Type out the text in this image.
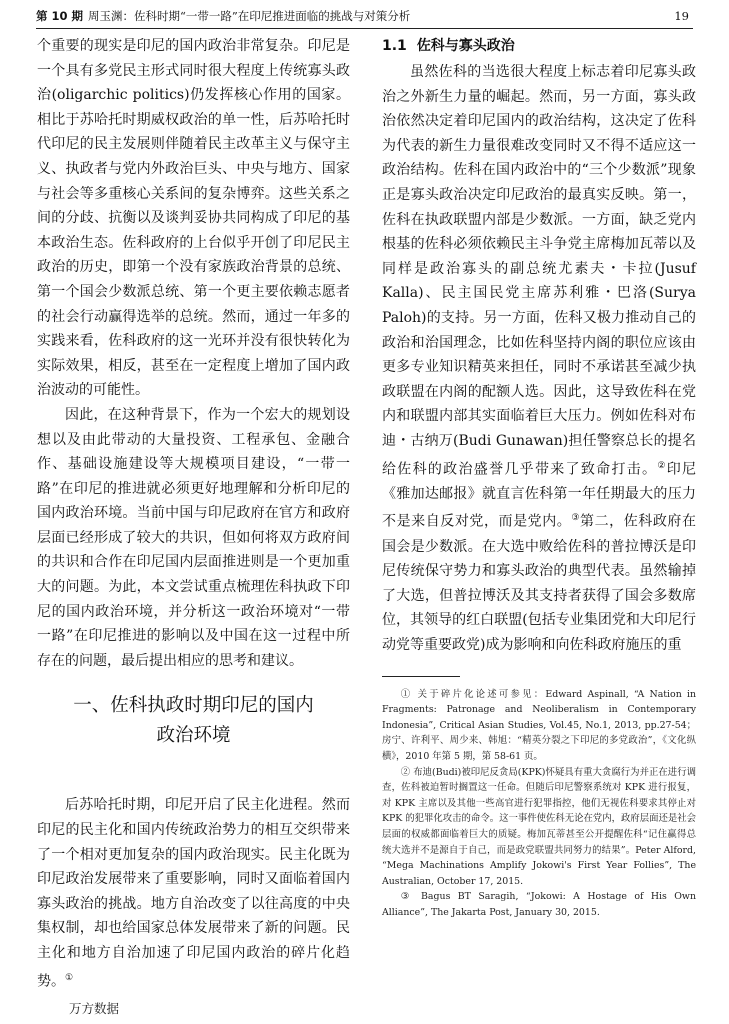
第 10 期 周玉渊：佐科时期“一带一路”在印尼推进面临的挑战与对策分析	19

个重要的现实是印尼的国内政治非常复杂。印尼是一个具有多党民主形式同时很大程度上传统寡头政治(oligarchic politics)仍发挥核心作用的国家。相比于苏哈托时期威权政治的单一性，后苏哈托时代印尼的民主发展则伴随着民主改革主义与保守主义、执政者与党内外政治巨头、中央与地方、国家与社会等多重核心关系间的复杂博弈。这些关系之间的分歧、抗衡以及谈判妥协共同构成了印尼的基本政治生态。佐科政府的上台似乎开创了印尼民主政治的历史，即第一个没有家族政治背景的总统、第一个国会少数派总统、第一个更主要依赖志愿者的社会行动赢得选举的总统。然而，通过一年多的实践来看，佐科政府的这一光环并没有很快转化为实际效果，相反，甚至在一定程度上增加了国内政治波动的可能性。

因此，在这种背景下，作为一个宏大的规划设想以及由此带动的大量投资、工程承包、金融合作、基础设施建设等大规模项目建设，“一带一路”在印尼的推进就必须更好地理解和分析印尼的国内政治环境。当前中国与印尼政府在官方和政府层面已经形成了较大的共识，但如何将双方政府间的共识和合作在印尼国内层面推进则是一个更加重大的问题。为此，本文尝试重点梳理佐科执政下印尼的国内政治环境，并分析这一政治环境对“一带一路”在印尼推进的影响以及中国在这一过程中所存在的问题，最后提出相应的思考和建议。

一、佐科执政时期印尼的国内
政治环境

后苏哈托时期，印尼开启了民主化进程。然而印尼的民主化和国内传统政治势力的相互交织带来了一个相对更加复杂的国内政治现实。民主化既为印尼政治发展带来了重要影响，同时又面临着国内寡头政治的挑战。地方自治改变了以往高度的中央集权制，却也给国家总体发展带来了新的问题。民主化和地方自治加速了印尼国内政治的碎片化趋势。①

万方数据
1.1 佐科与寡头政治

虽然佐科的当选很大程度上标志着印尼寡头政治之外新生力量的崛起。然而，另一方面，寡头政治依然决定着印尼国内的政治结构，这决定了佐科为代表的新生力量很难改变同时又不得不适应这一政治结构。佐科在国内政治中的“三个少数派”现象正是寡头政治决定印尼政治的最真实反映。第一，佐科在执政联盟内部是少数派。一方面，缺乏党内根基的佐科必须依赖民主斗争党主席梅加瓦蒂以及同样是政治寡头的副总统尤素夫・卡拉(Jusuf Kalla)、民主国民党主席苏利雅・巴洛(Surya Paloh)的支持。另一方面，佐科又极力推动自己的政治和治国理念，比如佐科坚持内阁的职位应该由更多专业知识精英来担任，同时不承诺甚至减少执政联盟在内阁的配额人选。因此，这导致佐科在党内和联盟内部其实面临着巨大压力。例如佐科对布迪・古纳万(Budi Gunawan)担任警察总长的提名给佐科的政治盛誉几乎带来了致命打击。②印尼《雅加达邮报》就直言佐科第一年任期最大的压力不是来自反对党，而是党内。③第二，佐科政府在国会是少数派。在大选中败给佐科的普拉博沃是印尼传统保守势力和寡头政治的典型代表。虽然输掉了大选，但普拉博沃及其支持者获得了国会多数席位，其领导的红白联盟(包括专业集团党和大印尼行动党等重要政党)成为影响和向佐科政府施压的重

① 关于碎片化论述可参见：Edward Aspinall, “A Nation in Fragments: Patronage and Neoliberalism in Contemporary Indonesia”, Critical Asian Studies, Vol.45, No.1, 2013, pp.27-54；房宁、许利平、周少来、韩旭：“精英分裂之下印尼的多党政治”，《文化纵横》，2010 年第 5 期，第 58-61 页。

② 布迪(Budi)被印尼反贪局(KPK)怀疑具有重大贪腐行为并正在进行调查，佐科被迫暂时搁置这一任命。但随后印尼警察系统对 KPK 进行报复，对 KPK 主席以及其他一些高官进行犯罪指控，他们无视佐科要求其停止对 KPK 的犯罪化攻击的命令。这一事件使佐科无论在党内，政府层面还是社会层面的权威都面临着巨大的质疑。梅加瓦蒂甚至公开提醒佐科“记住赢得总统大选并不是源自于自己，而是政党联盟共同努力的结果”。Peter Alford, “Mega Machinations Amplify Jokowi's First Year Follies”, The Australian, October 17, 2015.

③ Bagus BT Saragih, “Jokowi: A Hostage of His Own Alliance”, The Jakarta Post, January 30, 2015.
